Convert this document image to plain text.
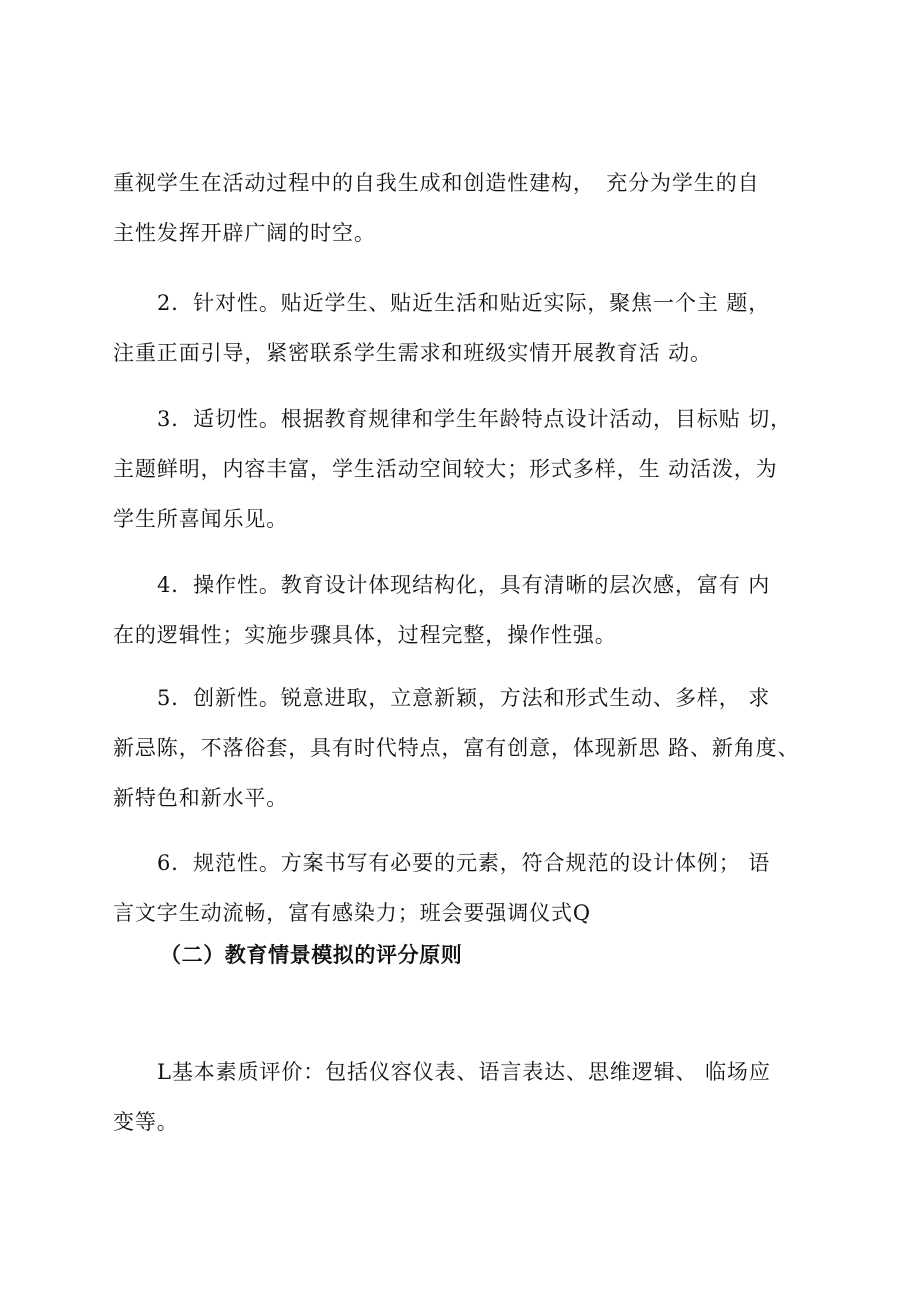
重视学生在活动过程中的自我生成和创造性建构，　充分为学生的自
主性发挥开辟广阔的时空。
2．针对性。贴近学生、贴近生活和贴近实际，聚焦一个主 题，
注重正面引导，紧密联系学生需求和班级实情开展教育活 动。
3．适切性。根据教育规律和学生年龄特点设计活动，目标贴 切，
主题鲜明，内容丰富，学生活动空间较大；形式多样，生 动活泼，为
学生所喜闻乐见。
4．操作性。教育设计体现结构化，具有清晰的层次感，富有 内
在的逻辑性；实施步骤具体，过程完整，操作性强。
5．创新性。锐意进取，立意新颖，方法和形式生动、多样， 求
新忌陈，不落俗套，具有时代特点，富有创意，体现新思 路、新角度、
新特色和新水平。
6．规范性。方案书写有必要的元素，符合规范的设计体例； 语
言文字生动流畅，富有感染力；班会要强调仪式Q
（二）教育情景模拟的评分原则
L基本素质评价：包括仪容仪表、语言表达、思维逻辑、 临场应
变等。
